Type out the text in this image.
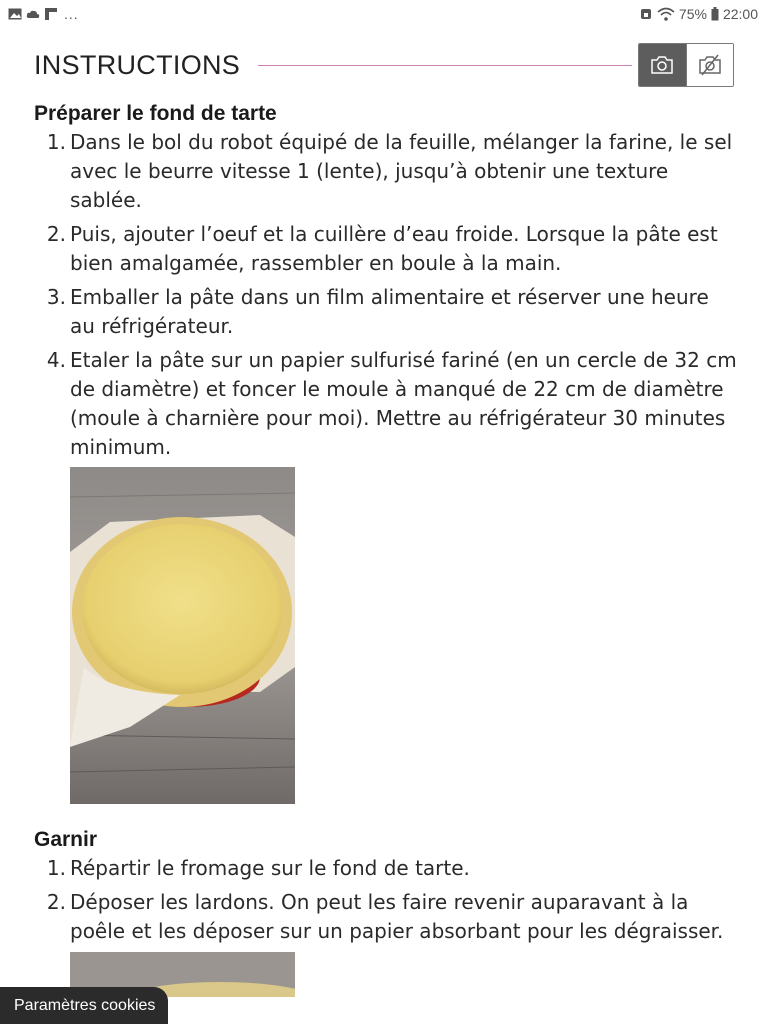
...	75% 22:00
INSTRUCTIONS
Préparer le fond de tarte
1. Dans le bol du robot équipé de la feuille, mélanger la farine, le sel avec le beurre vitesse 1 (lente), jusqu’à obtenir une texture sablée.
2. Puis, ajouter l’oeuf et la cuillère d’eau froide. Lorsque la pâte est bien amalgamée, rassembler en boule à la main.
3. Emballer la pâte dans un film alimentaire et réserver une heure au réfrigérateur.
4. Etaler la pâte sur un papier sulfurisé fariné (en un cercle de 32 cm de diamètre) et foncer le moule à manqué de 22 cm de diamètre (moule à charnière pour moi). Mettre au réfrigérateur 30 minutes minimum.
Garnir
1. Répartir le fromage sur le fond de tarte.
2. Déposer les lardons. On peut les faire revenir auparavant à la poêle et les déposer sur un papier absorbant pour les dégraisser.
Paramètres cookies
